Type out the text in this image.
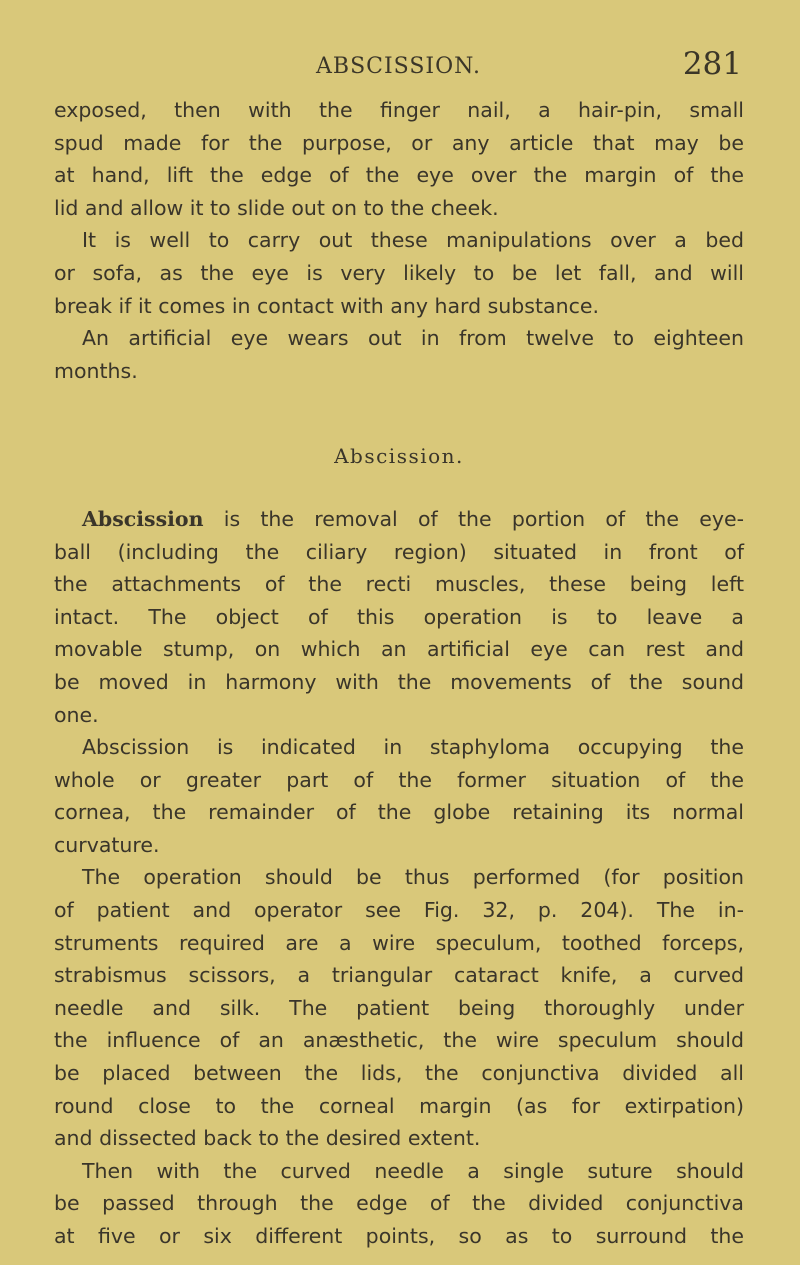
ABSCISSION.	281
exposed, then with the finger nail, a hair-pin, small
spud made for the purpose, or any article that may be
at hand, lift the edge of the eye over the margin of the
lid and allow it to slide out on to the cheek.
It is well to carry out these manipulations over a bed
or sofa, as the eye is very likely to be let fall, and will
break if it comes in contact with any hard substance.
An artificial eye wears out in from twelve to eighteen
months.
Abscission.
Abscission is the removal of the portion of the eye-
ball (including the ciliary region) situated in front of
the attachments of the recti muscles, these being left
intact. The object of this operation is to leave a
movable stump, on which an artificial eye can rest and
be moved in harmony with the movements of the sound
one.
Abscission is indicated in staphyloma occupying the
whole or greater part of the former situation of the
cornea, the remainder of the globe retaining its normal
curvature.
The operation should be thus performed (for position
of patient and operator see Fig. 32, p. 204). The in-
struments required are a wire speculum, toothed forceps,
strabismus scissors, a triangular cataract knife, a curved
needle and silk. The patient being thoroughly under
the influence of an anæsthetic, the wire speculum should
be placed between the lids, the conjunctiva divided all
round close to the corneal margin (as for extirpation)
and dissected back to the desired extent.
Then with the curved needle a single suture should
be passed through the edge of the divided conjunctiva
at five or six different points, so as to surround the
